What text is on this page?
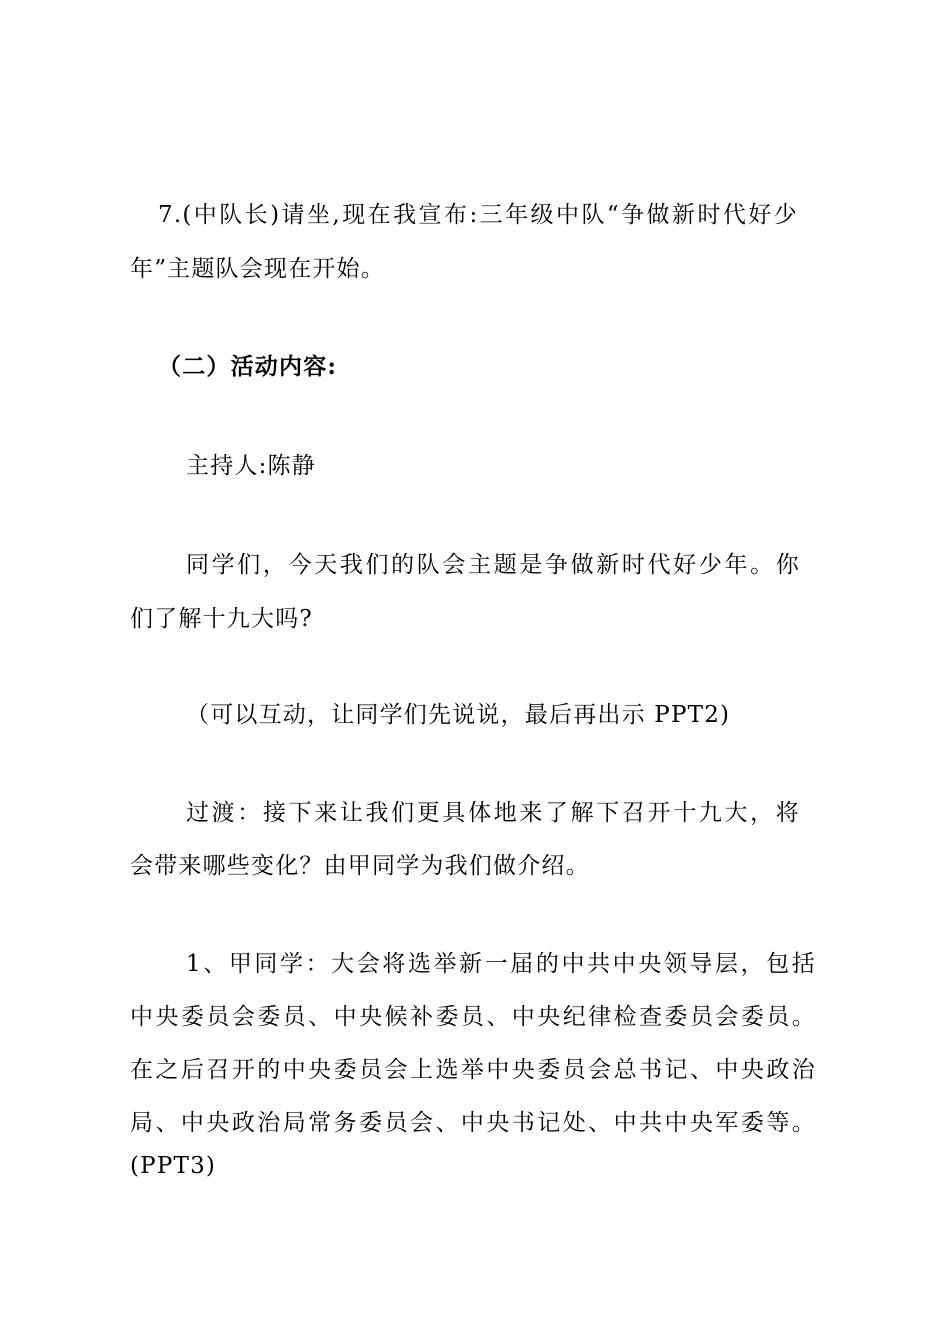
7.(中队长)请坐,现在我宣布:三年级中队“争做新时代好少
年”主题队会现在开始。
（二）活动内容:
主持人:陈静
同学们，今天我们的队会主题是争做新时代好少年。你
们了解十九大吗?
（可以互动，让同学们先说说，最后再出示 PPT2)
过渡：接下来让我们更具体地来了解下召开十九大，将
会带来哪些变化？由甲同学为我们做介绍。
1、甲同学：大会将选举新一届的中共中央领导层，包括
中央委员会委员、中央候补委员、中央纪律检查委员会委员。
在之后召开的中央委员会上选举中央委员会总书记、中央政治
局、中央政治局常务委员会、中央书记处、中共中央军委等。
(PPT3)
